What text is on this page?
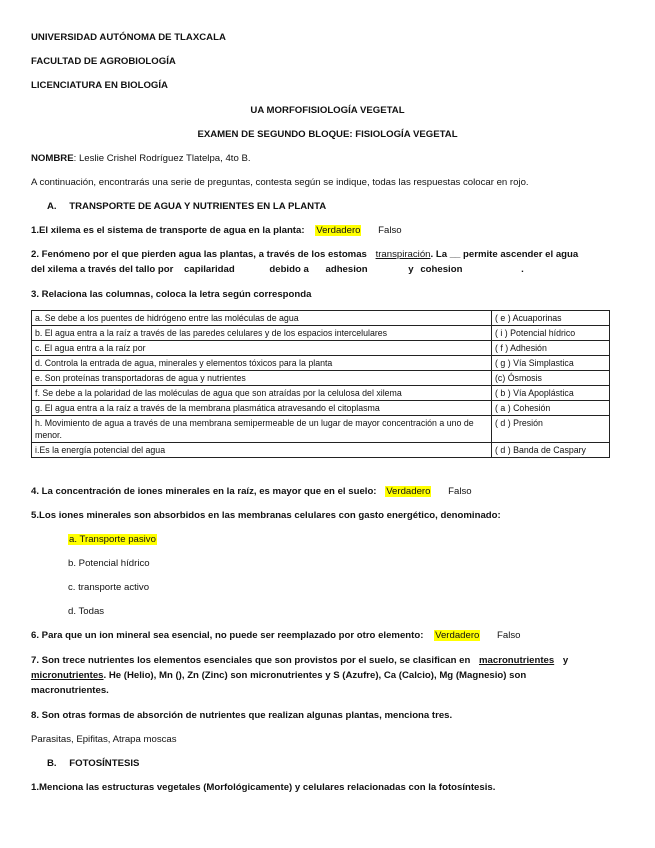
UNIVERSIDAD AUTÓNOMA DE TLAXCALA
FACULTAD DE AGROBIOLOGÍA
LICENCIATURA EN BIOLOGÍA
UA MORFOFISIOLOGÍA VEGETAL
EXAMEN DE SEGUNDO BLOQUE: FISIOLOGÍA VEGETAL
NOMBRE: Leslie Crishel Rodríguez Tlatelpa, 4to B.
A continuación, encontrarás una serie de preguntas, contesta según se indique, todas las respuestas colocar en rojo.
A. TRANSPORTE DE AGUA Y NUTRIENTES EN LA PLANTA
1.El xilema es el sistema de transporte de agua en la planta: Verdadero Falso
2. Fenómeno por el que pierden agua las plantas, a través de los estomas transpiración. La __ permite ascender el agua
del xilema a través del tallo por capilaridad	debido a adhesion	y cohesion	.
3. Relaciona las columnas, coloca la letra según corresponda
a. Se debe a los puentes de hidrógeno entre las moléculas de agua	( e ) Acuaporinas
b. El agua entra a la raíz a través de las paredes celulares y de los espacios intercelulares	( i ) Potencial hídrico
c. El agua entra a la raíz por	( f ) Adhesión
d. Controla la entrada de agua, minerales y elementos tóxicos para la planta	( g ) Vía Simplastica
e. Son proteínas transportadoras de agua y nutrientes	(c) Ósmosis
f. Se debe a la polaridad de las moléculas de agua que son atraídas por la celulosa del xilema	( b ) Vía Apoplástica
g. El agua entra a la raíz a través de la membrana plasmática atravesando el citoplasma	( a ) Cohesión
h. Movimiento de agua a través de una membrana semipermeable de un lugar de mayor concentración a uno de menor.	( d ) Presión
i.Es la energía potencial del agua	( d ) Banda de Caspary
4. La concentración de iones minerales en la raíz, es mayor que en el suelo: Verdadero Falso
5.Los iones minerales son absorbidos en las membranas celulares con gasto energético, denominado:
a. Transporte pasivo
b. Potencial hídrico
c. transporte activo
d. Todas
6. Para que un ion mineral sea esencial, no puede ser reemplazado por otro elemento: Verdadero Falso
7. Son trece nutrientes los elementos esenciales que son provistos por el suelo, se clasifican en macronutrientes y
micronutrientes. He (Helio), Mn (), Zn (Zinc) son micronutrientes y S (Azufre), Ca (Calcio), Mg (Magnesio) son
macronutrientes.
8. Son otras formas de absorción de nutrientes que realizan algunas plantas, menciona tres.
Parasitas, Epifitas, Atrapa moscas
B. FOTOSÍNTESIS
1.Menciona las estructuras vegetales (Morfológicamente) y celulares relacionadas con la fotosíntesis.
